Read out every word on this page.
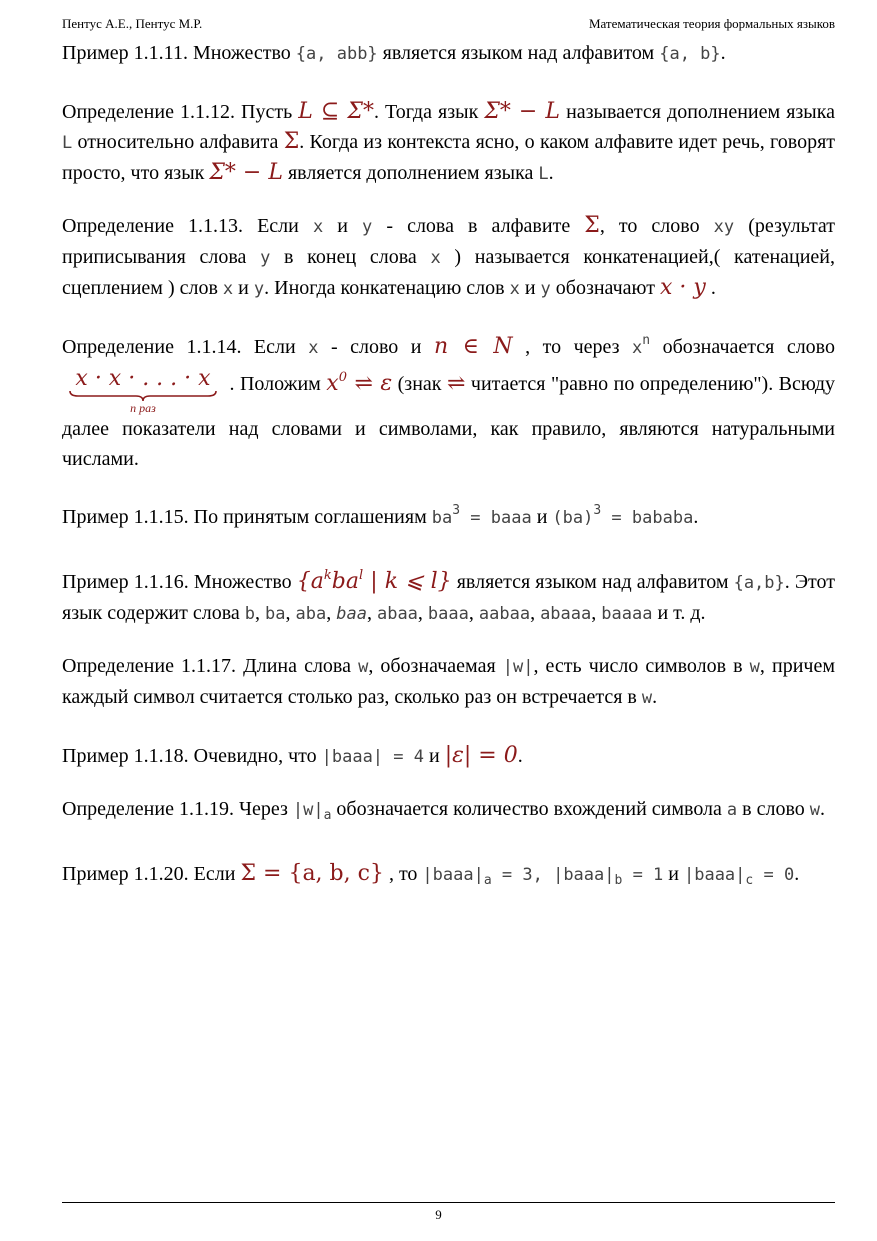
Пентус А.Е., Пентус М.Р.	Математическая теория формальных языков

Пример 1.1.11. Множество {a, abb} является языком над алфавитом {a, b}.

Определение 1.1.12. Пусть L ⊆ Σ*. Тогда язык Σ* − L называется дополнением языка L относительно алфавита Σ. Когда из контекста ясно, о каком алфавите идет речь, говорят просто, что язык Σ* − L является дополнением языка L.

Определение 1.1.13. Если x и y - слова в алфавите Σ, то слово xy (результат приписывания слова y в конец слова x ) называется конкатенацией,( катенацией, сцеплением ) слов x и y. Иногда конкатенацию слов x и y обозначают x · y .

Определение 1.1.14. Если x - слово и n ∈ N , то через $x^n$ обозначается слово
x · x · . . . · x
n раз
. Положим $x^0$ ⇌ ε (знак ⇌ читается "равно по определению"). Всюду далее показатели над словами и символами, как правило, являются натуральными числами.

Пример 1.1.15. По принятым соглашениям $ba^3$ = baaa и (ba)$^3$ = bababa.

Пример 1.1.16. Множество {$a^kba^l$ | k ⩽ l} является языком над алфавитом {a,b}. Этот язык содержит слова b, ba, aba, baa, abaa, baaa, aabaa, abaaa, baaaa и т. д.

Определение 1.1.17. Длина слова w, обозначаемая |w|, есть число символов в w, причем каждый символ считается столько раз, сколько раз он встречается в w.

Пример 1.1.18. Очевидно, что |baaa| = 4 и |ε| = 0.

Определение 1.1.19. Через $|w|_a$ обозначается количество вхождений символа a в слово w.

Пример 1.1.20. Если Σ = {a, b, c} , то $|baaa|_a = 3$, $|baaa|_b = 1$ и $|baaa|_c = 0$.

9
